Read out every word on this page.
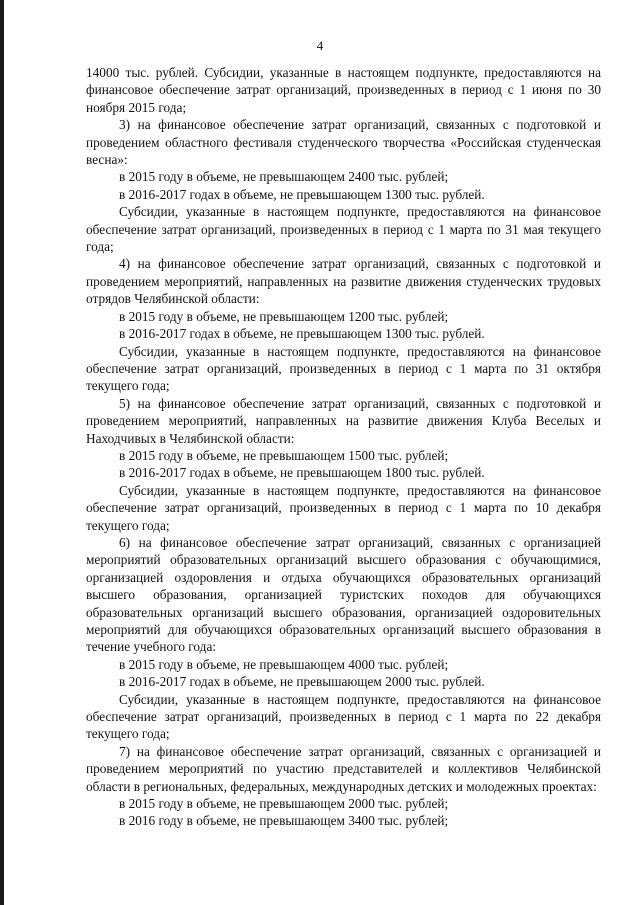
4

14000 тыс. рублей. Субсидии, указанные в настоящем подпункте, предоставляются на финансовое обеспечение затрат организаций, произведенных в период с 1 июня по 30 ноября 2015 года;

3) на финансовое обеспечение затрат организаций, связанных с подготовкой и проведением областного фестиваля студенческого творчества «Российская студенческая весна»:

в 2015 году в объеме, не превышающем 2400 тыс. рублей;

в 2016-2017 годах в объеме, не превышающем 1300 тыс. рублей.

Субсидии, указанные в настоящем подпункте, предоставляются на финансовое обеспечение затрат организаций, произведенных в период с 1 марта по 31 мая текущего года;

4) на финансовое обеспечение затрат организаций, связанных с подготовкой и проведением мероприятий, направленных на развитие движения студенческих трудовых отрядов Челябинской области:

в 2015 году в объеме, не превышающем 1200 тыс. рублей;

в 2016-2017 годах в объеме, не превышающем 1300 тыс. рублей.

Субсидии, указанные в настоящем подпункте, предоставляются на финансовое обеспечение затрат организаций, произведенных в период с 1 марта по 31 октября текущего года;

5) на финансовое обеспечение затрат организаций, связанных с подготовкой и проведением мероприятий, направленных на развитие движения Клуба Веселых и Находчивых в Челябинской области:

в 2015 году в объеме, не превышающем 1500 тыс. рублей;

в 2016-2017 годах в объеме, не превышающем 1800 тыс. рублей.

Субсидии, указанные в настоящем подпункте, предоставляются на финансовое обеспечение затрат организаций, произведенных в период с 1 марта по 10 декабря текущего года;

6) на финансовое обеспечение затрат организаций, связанных с организацией мероприятий образовательных организаций высшего образования с обучающимися, организацией оздоровления и отдыха обучающихся образовательных организаций высшего образования, организацией туристских походов для обучающихся образовательных организаций высшего образования, организацией оздоровительных мероприятий для обучающихся образовательных организаций высшего образования в течение учебного года:

в 2015 году в объеме, не превышающем 4000 тыс. рублей;

в 2016-2017 годах в объеме, не превышающем 2000 тыс. рублей.

Субсидии, указанные в настоящем подпункте, предоставляются на финансовое обеспечение затрат организаций, произведенных в период с 1 марта по 22 декабря текущего года;

7) на финансовое обеспечение затрат организаций, связанных с организацией и проведением мероприятий по участию представителей и коллективов Челябинской области в региональных, федеральных, международных детских и молодежных проектах:

в 2015 году в объеме, не превышающем 2000 тыс. рублей;

в 2016 году в объеме, не превышающем 3400 тыс. рублей;
